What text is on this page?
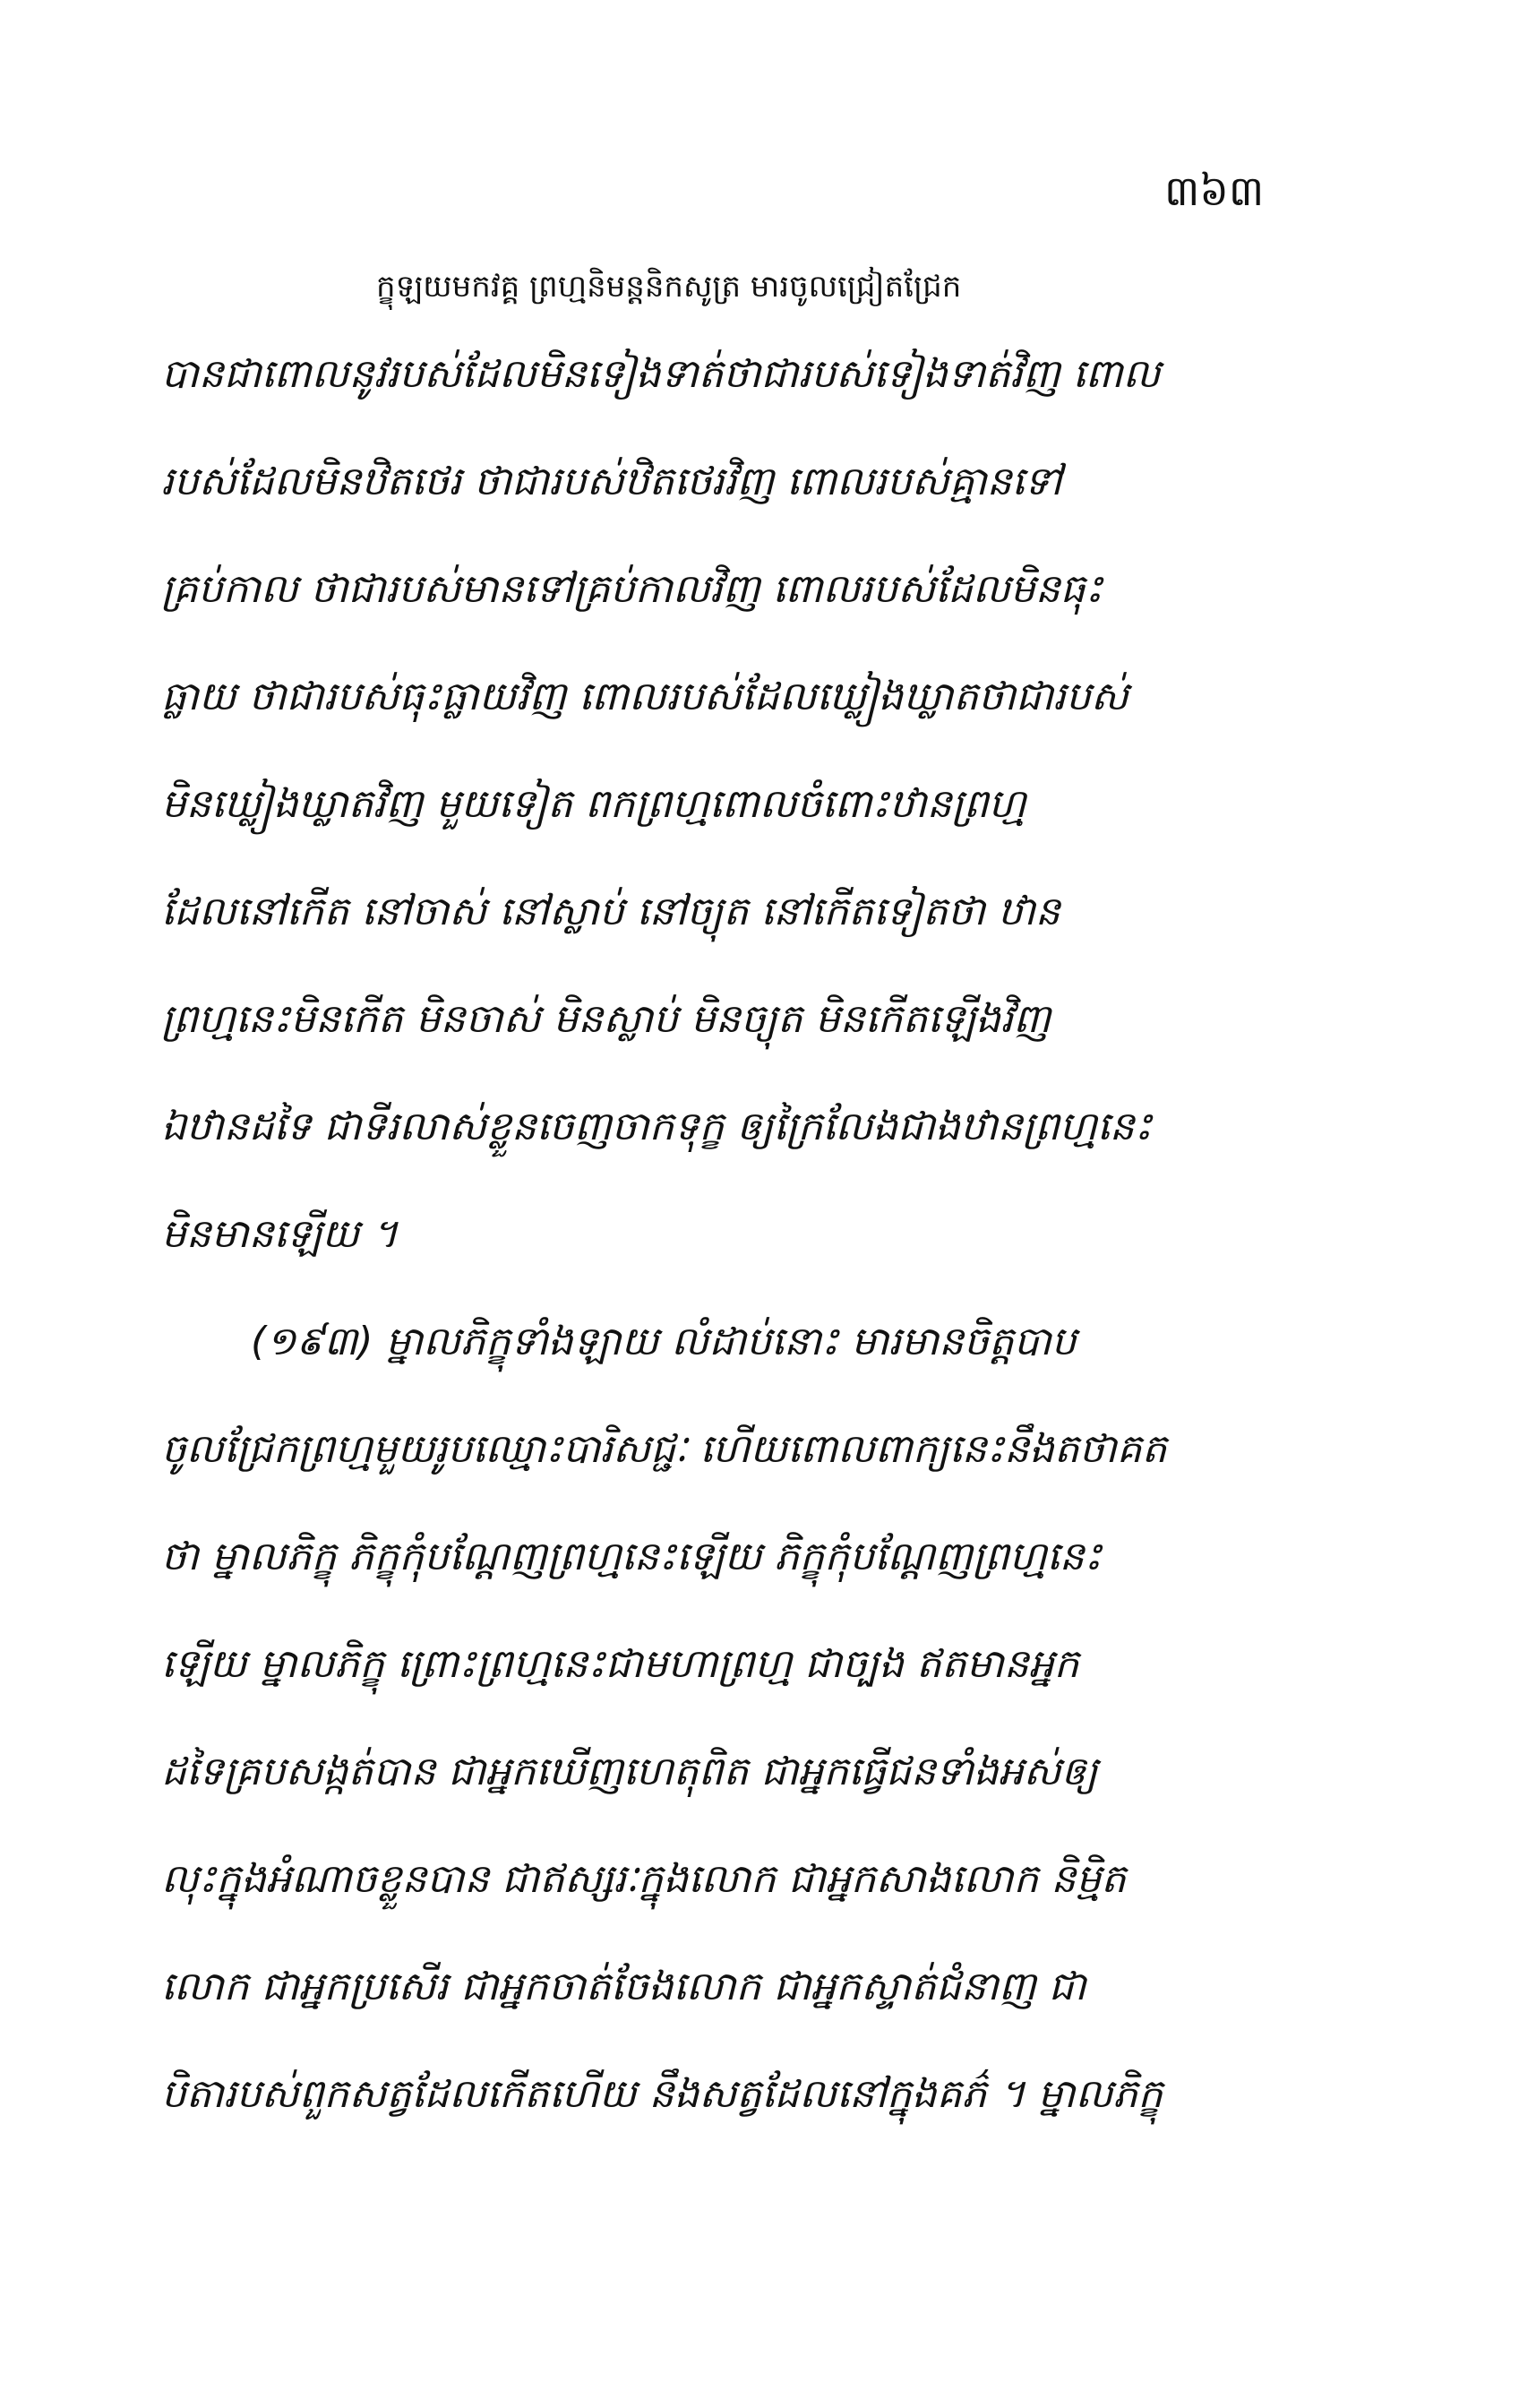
៣៦៣
ក្ខុឡយមកវគ្គ ព្រហ្មនិមន្តនិកសូត្រ មារចូលជ្រៀតជ្រែក
បានជាពោលនូវរបស់ដែលមិនទៀងទាត់ថាជារបស់ទៀងទាត់វិញ ពោល
របស់ដែលមិនឋិតថេរ ថាជារបស់ឋិតថេរវិញ ពោលរបស់គ្មានទៅ
គ្រប់កាល ថាជារបស់មានទៅគ្រប់កាលវិញ ពោលរបស់ដែលមិនធុះ
ធ្លាយ ថាជារបស់ធុះធ្លាយវិញ ពោលរបស់ដែលឃ្លៀងឃ្លាតថាជារបស់
មិនឃ្លៀងឃ្លាតវិញ មួយទៀត ពកព្រហ្មពោលចំពោះឋានព្រហ្ម
ដែលនៅកើត នៅចាស់ នៅស្លាប់ នៅច្យុត នៅកើតទៀតថា ឋាន
ព្រហ្មនេះមិនកើត មិនចាស់ មិនស្លាប់ មិនច្យុត មិនកើតឡើងវិញ
ឯឋានដទៃ ជាទីរលាស់ខ្លួនចេញចាកទុក្ខ ឲ្យក្រៃលែងជាងឋានព្រហ្មនេះ
មិនមានឡើយ ។
(១៩៣) ម្នាលភិក្ខុទាំងឡាយ លំដាប់នោះ មារមានចិត្តបាប
ចូលជ្រែកព្រហ្មមួយរូបឈ្មោះបារិសជ្ជៈ ហើយពោលពាក្យនេះនឹងតថាគត
ថា ម្នាលភិក្ខុ ភិក្ខុកុំបណ្ដែញព្រហ្មនេះឡើយ ភិក្ខុកុំបណ្ដែញព្រហ្មនេះ
ឡើយ ម្នាលភិក្ខុ ព្រោះព្រហ្មនេះជាមហាព្រហ្ម ជាច្បង ឥតមានអ្នក
ដទៃគ្របសង្កត់បាន ជាអ្នកឃើញហេតុពិត ជាអ្នកធ្វើជនទាំងអស់ឲ្យ
លុះក្នុងអំណាចខ្លួនបាន ជាឥស្សរៈក្នុងលោក ជាអ្នកសាងលោក និម្មិត
លោក ជាអ្នកប្រសើរ ជាអ្នកចាត់ចែងលោក ជាអ្នកស្ទាត់ជំនាញ ជា
បិតារបស់ពួកសត្វដែលកើតហើយ នឹងសត្វដែលនៅក្នុងគភ៌ ។ ម្នាលភិក្ខុ
